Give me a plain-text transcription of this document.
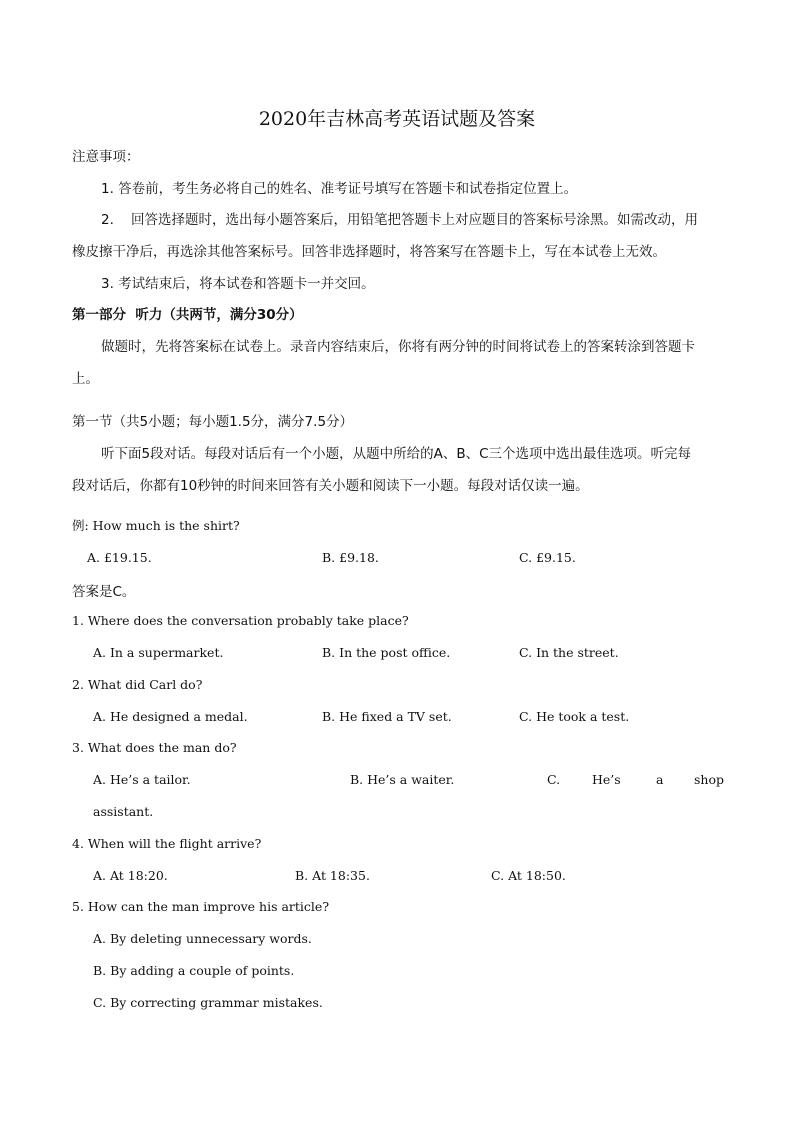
2020年吉林高考英语试题及答案
注意事项：
1. 答卷前，考生务必将自己的姓名、准考证号填写在答题卡和试卷指定位置上。
2.    回答选择题时，选出每小题答案后，用铅笔把答题卡上对应题目的答案标号涂黑。如需改动，用
橡皮擦干净后，再选涂其他答案标号。回答非选择题时，将答案写在答题卡上，写在本试卷上无效。
3. 考试结束后，将本试卷和答题卡一并交回。
第一部分  听力（共两节，满分30分）
做题时，先将答案标在试卷上。录音内容结束后，你将有两分钟的时间将试卷上的答案转涂到答题卡
上。
第一节（共5小题；每小题1.5分，满分7.5分）
听下面5段对话。每段对话后有一个小题，从题中所给的A、B、C三个选项中选出最佳选项。听完每
段对话后，你都有10秒钟的时间来回答有关小题和阅读下一小题。每段对话仅读一遍。
例: How much is the shirt?
A. £19.15.	B. £9.18.	C. £9.15.
答案是C。
1. Where does the conversation probably take place?
A. In a supermarket.	B. In the post office.	C. In the street.
2. What did Carl do?
A. He designed a medal.	B. He fixed a TV set.	C. He took a test.
3. What does the man do?
A. He’s a tailor.	B. He’s a waiter.	C.	He’s	a shop
assistant.
4. When will the flight arrive?
A. At 18:20.	B. At 18:35.	C. At 18:50.
5. How can the man improve his article?
A. By deleting unnecessary words.
B. By adding a couple of points.
C. By correcting grammar mistakes.
